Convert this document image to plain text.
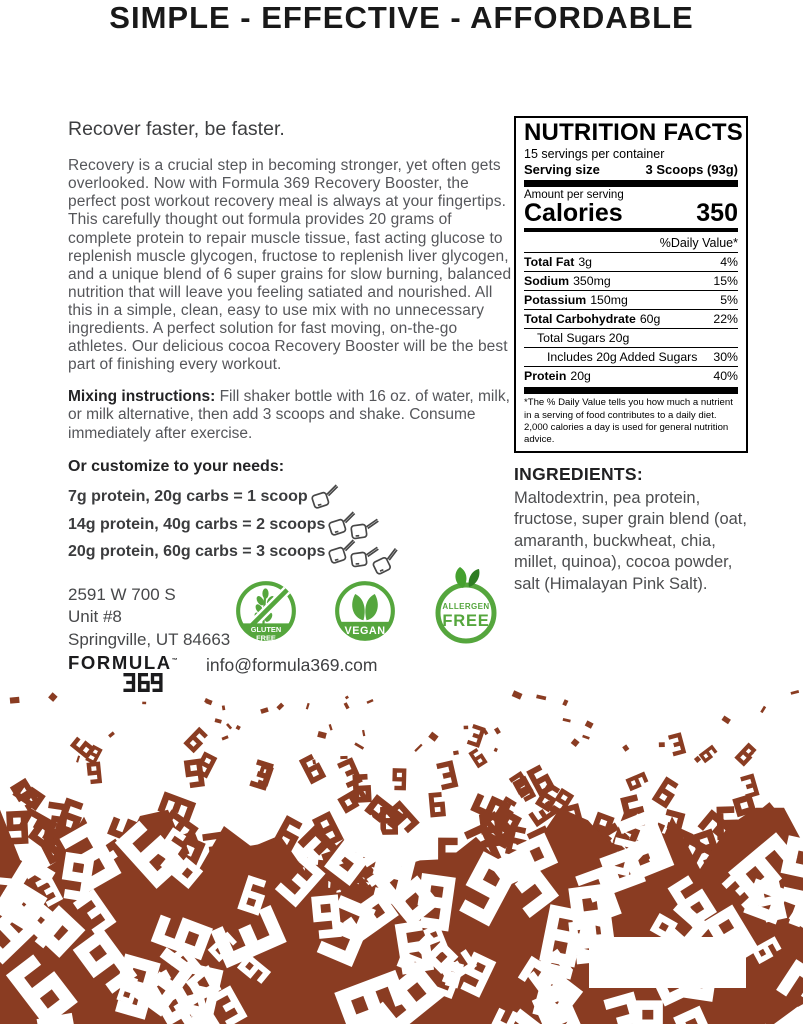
SIMPLE - EFFECTIVE - AFFORDABLE
Recover faster, be faster.

Recovery is a crucial step in becoming stronger, yet often gets overlooked. Now with Formula 369 Recovery Booster, the perfect post workout recovery meal is always at your fingertips. This carefully thought out formula provides 20 grams of complete protein to repair muscle tissue, fast acting glucose to replenish muscle glycogen, fructose to replenish liver glycogen, and a unique blend of 6 super grains for slow burning, balanced nutrition that will leave you feeling satiated and nourished. All this in a simple, clean, easy to use mix with no unnecessary ingredients. A perfect solution for fast moving, on-the-go athletes. Our delicious cocoa Recovery Booster will be the best part of finishing every workout.

Mixing instructions: Fill shaker bottle with 16 oz. of water, milk, or milk alternative, then add 3 scoops and shake. Consume immediately after exercise.

Or customize to your needs:
7g protein, 20g carbs = 1 scoop
14g protein, 40g carbs = 2 scoops
20g protein, 60g carbs = 3 scoops
NUTRITION FACTS
15 servings per container
Serving size	3 Scoops (93g)
Amount per serving
Calories	350
%Daily Value*
Total Fat 3g	4%
Sodium 350mg	15%
Potassium 150mg	5%
Total Carbohydrate 60g	22%
Total Sugars 20g
Includes 20g Added Sugars 30%
Protein 20g	40%
*The % Daily Value tells you how much a nutrient in a serving of food contributes to a daily diet. 2,000 calories a day is used for general nutrition advice.
INGREDIENTS:

Maltodextrin, pea protein, fructose, super grain blend (oat, amaranth, buckwheat, chia, millet, quinoa), cocoa powder, salt (Himalayan Pink Salt).

2591 W 700 S
Unit #8
Springville, UT 84663
GLUTEN
FREE
VEGAN
ALLERGEN
FREE
FORMULA™ info@formula369.com
